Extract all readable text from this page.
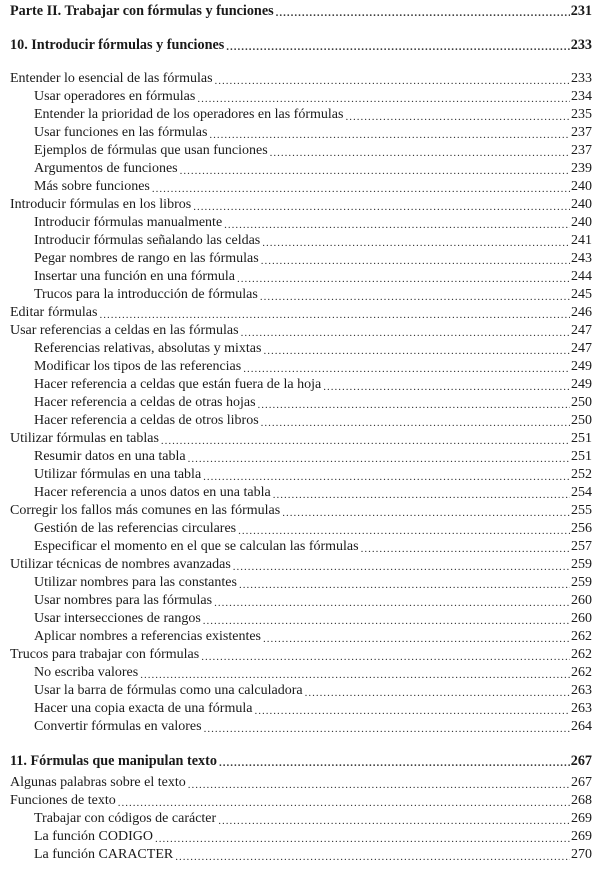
Parte II. Trabajar con fórmulas y funciones .....	231
10. Introducir fórmulas y funciones .....	233
Entender lo esencial de las fórmulas .....	233
Usar operadores en fórmulas .....	234
Entender la prioridad de los operadores en las fórmulas .....	235
Usar funciones en las fórmulas .....	237
Ejemplos de fórmulas que usan funciones .....	237
Argumentos de funciones .....	239
Más sobre funciones .....	240
Introducir fórmulas en los libros .....	240
Introducir fórmulas manualmente .....	240
Introducir fórmulas señalando las celdas .....	241
Pegar nombres de rango en las fórmulas .....	243
Insertar una función en una fórmula .....	244
Trucos para la introducción de fórmulas .....	245
Editar fórmulas .....	246
Usar referencias a celdas en las fórmulas .....	247
Referencias relativas, absolutas y mixtas .....	247
Modificar los tipos de las referencias .....	249
Hacer referencia a celdas que están fuera de la hoja .....	249
Hacer referencia a celdas de otras hojas .....	250
Hacer referencia a celdas de otros libros .....	250
Utilizar fórmulas en tablas .....	251
Resumir datos en una tabla .....	251
Utilizar fórmulas en una tabla .....	252
Hacer referencia a unos datos en una tabla .....	254
Corregir los fallos más comunes en las fórmulas .....	255
Gestión de las referencias circulares .....	256
Especificar el momento en el que se calculan las fórmulas .....	257
Utilizar técnicas de nombres avanzadas .....	259
Utilizar nombres para las constantes .....	259
Usar nombres para las fórmulas .....	260
Usar intersecciones de rangos .....	260
Aplicar nombres a referencias existentes .....	262
Trucos para trabajar con fórmulas .....	262
No escriba valores .....	262
Usar la barra de fórmulas como una calculadora .....	263
Hacer una copia exacta de una fórmula .....	263
Convertir fórmulas en valores .....	264
11. Fórmulas que manipulan texto .....	267
Algunas palabras sobre el texto .....	267
Funciones de texto .....	268
Trabajar con códigos de carácter .....	269
La función CODIGO .....	269
La función CARACTER .....	270
